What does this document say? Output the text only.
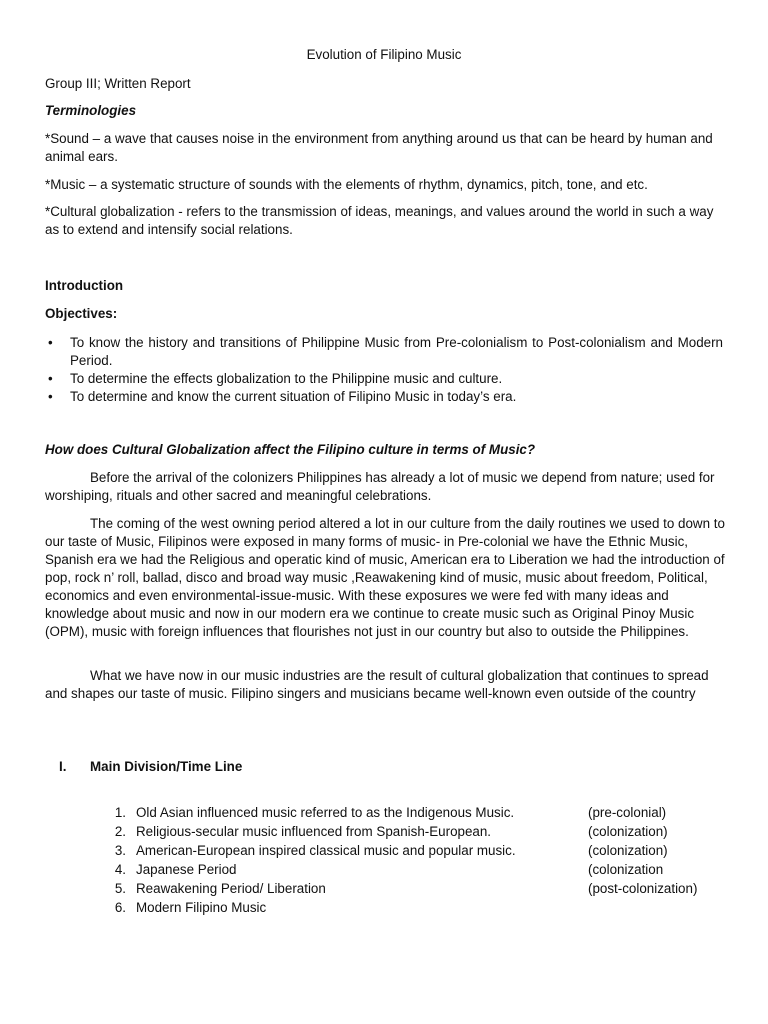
Evolution of Filipino Music
Group III; Written Report
Terminologies
*Sound – a wave that causes noise in the environment from anything around us that can be heard by human and animal ears.
*Music – a systematic structure of sounds with the elements of rhythm, dynamics, pitch, tone, and etc.
*Cultural globalization - refers to the transmission of ideas, meanings, and values around the world in such a way as to extend and intensify social relations.
Introduction
Objectives:
• To know the history and transitions of Philippine Music from Pre-colonialism to Post-colonialism and Modern Period.
• To determine the effects globalization to the Philippine music and culture.
• To determine and know the current situation of Filipino Music in today’s era.
How does Cultural Globalization affect the Filipino culture in terms of Music?
Before the arrival of the colonizers Philippines has already a lot of music we depend from nature; used for worshiping, rituals and other sacred and meaningful celebrations.
The coming of the west owning period altered a lot in our culture from the daily routines we used to down to our taste of Music, Filipinos were exposed in many forms of music- in Pre-colonial we have the Ethnic Music, Spanish era we had the Religious and operatic kind of music, American era to Liberation we had the introduction of pop, rock n’ roll, ballad, disco and broad way music ,Reawakening kind of music, music about freedom, Political, economics and even environmental-issue-music. With these exposures we were fed with many ideas and knowledge about music and now in our modern era we continue to create music such as Original Pinoy Music (OPM), music with foreign influences that flourishes not just in our country but also to outside the Philippines.
What we have now in our music industries are the result of cultural globalization that continues to spread and shapes our taste of music. Filipino singers and musicians became well-known even outside of the country
I. Main Division/Time Line
1. Old Asian influenced music referred to as the Indigenous Music.	(pre-colonial)
2. Religious-secular music influenced from Spanish-European.	(colonization)
3. American-European inspired classical music and popular music.	(colonization)
4. Japanese Period	(colonization
5. Reawakening Period/ Liberation	(post-colonization)
6. Modern Filipino Music
